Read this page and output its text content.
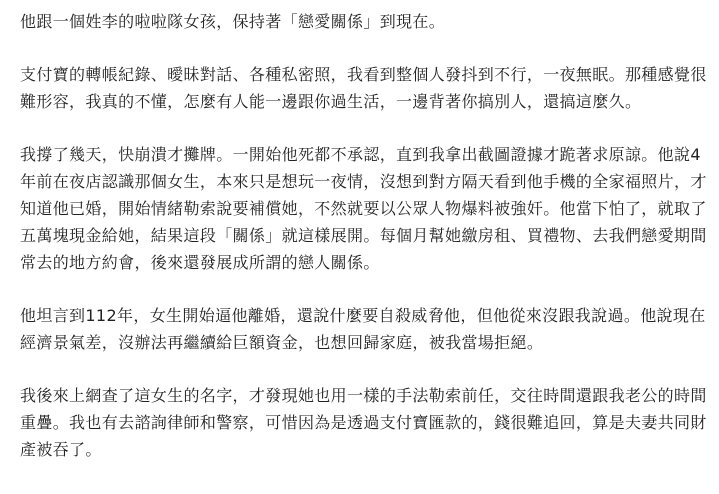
他跟一個姓李的啦啦隊女孩，保持著「戀愛關係」到現在。

支付寶的轉帳紀錄、曖昧對話、各種私密照，我看到整個人發抖到不行，一夜無眠。那種感覺很
難形容，我真的不懂，怎麼有人能一邊跟你過生活，一邊背著你搞別人，還搞這麼久。

我撐了幾天，快崩潰才攤牌。一開始他死都不承認，直到我拿出截圖證據才跪著求原諒。他說4
年前在夜店認識那個女生，本來只是想玩一夜情，沒想到對方隔天看到他手機的全家福照片，才
知道他已婚，開始情緒勒索說要補償她，不然就要以公眾人物爆料被強奸。他當下怕了，就取了
五萬塊現金給她，結果這段「關係」就這樣展開。每個月幫她繳房租、買禮物、去我們戀愛期間
常去的地方約會，後來還發展成所謂的戀人關係。

他坦言到112年，女生開始逼他離婚，還說什麼要自殺威脅他，但他從來沒跟我說過。他說現在
經濟景氣差，沒辦法再繼續給巨額資金，也想回歸家庭，被我當場拒絕。

我後來上網查了這女生的名字，才發現她也用一樣的手法勒索前任，交往時間還跟我老公的時間
重疊。我也有去諮詢律師和警察，可惜因為是透過支付寶匯款的，錢很難追回，算是夫妻共同財
產被吞了。
